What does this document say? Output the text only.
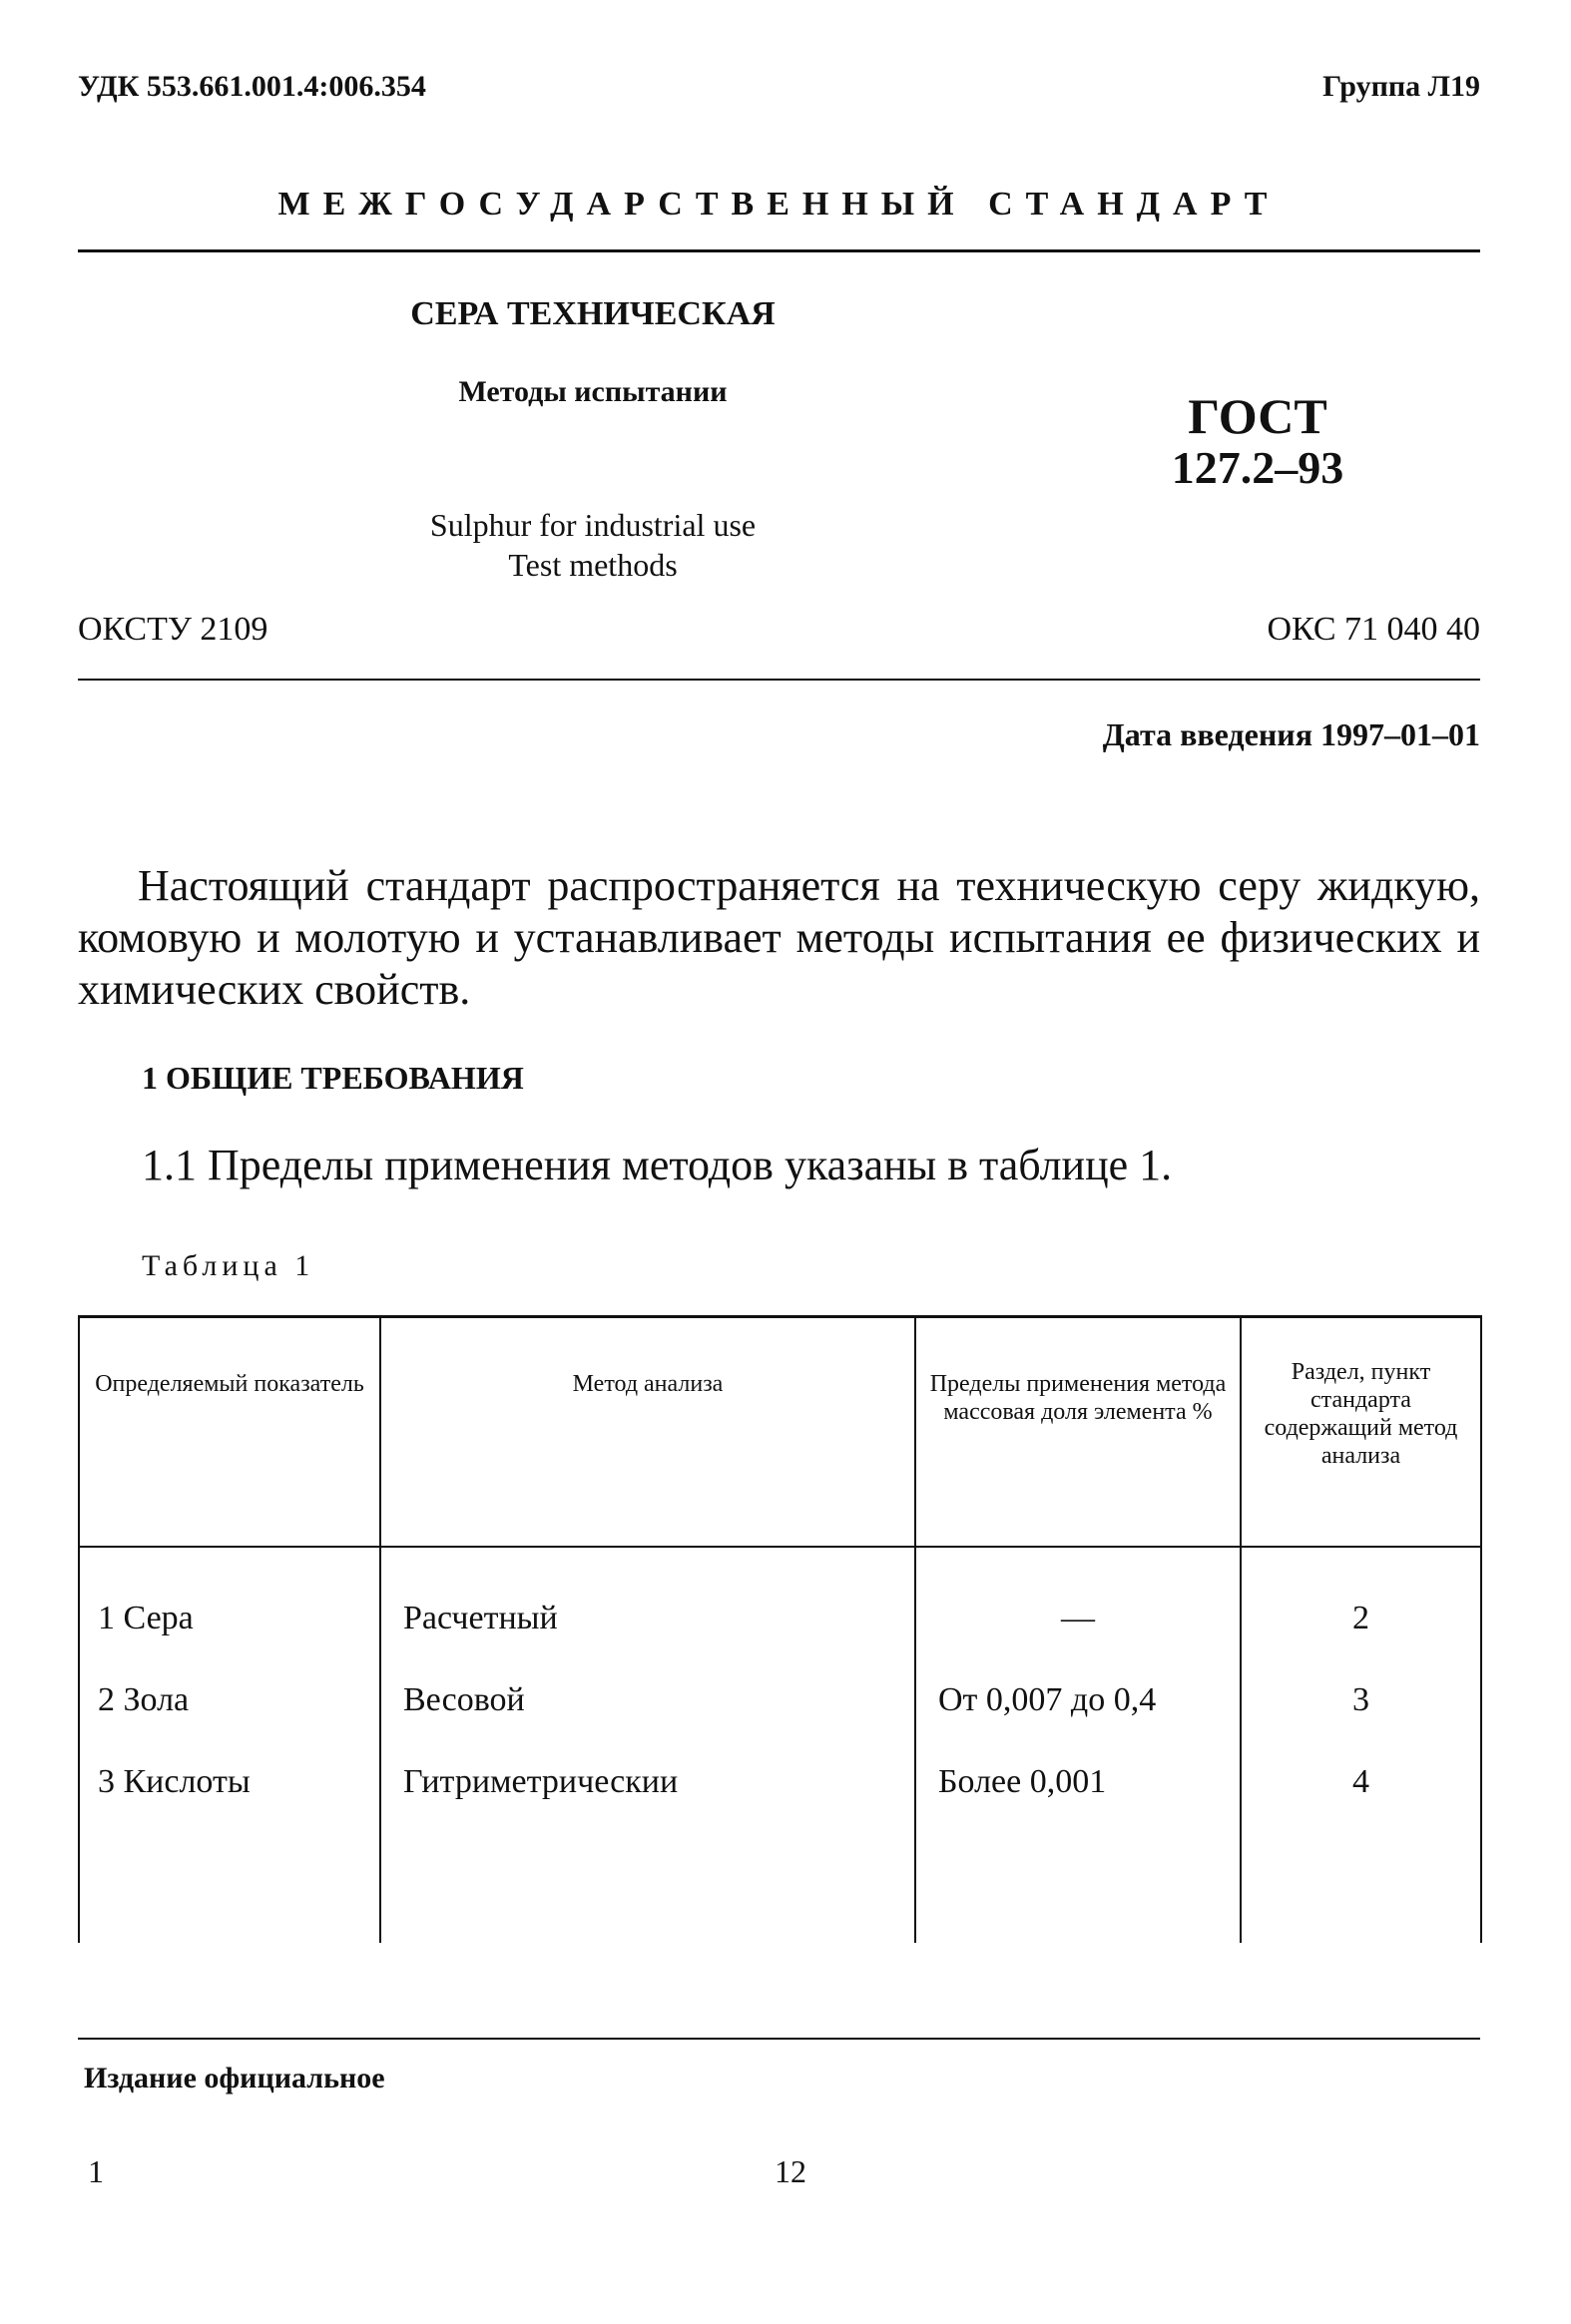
УДК 553.661.001.4:006.354	Группа Л19
МЕЖГОСУДАРСТВЕННЫЙ СТАНДАРТ
СЕРА ТЕХНИЧЕСКАЯ
Методы испытании
Sulphur for industrial use
Test methods
ГОСТ
127.2–93
ОКСТУ 2109	ОКС 71 040 40
Дата введения 1997–01–01
Настоящий стандарт распространяется на техническую серу жидкую, комовую и молотую и устанавливает методы испытания ее физических и химических свойств.
1 ОБЩИЕ ТРЕБОВАНИЯ
1.1 Пределы применения методов указаны в таблице 1.
Таблица 1
Определяемый показатель	Метод анализа	Пределы применения метода массовая доля элемента %	Раздел, пункт стандарта содержащий метод анализа
1 Сера	Расчетный	—	2
2 Зола	Весовой	От 0,007 до 0,4	3
3 Кислоты	Гитриметрическии	Более 0,001	4

Издание официальное
1	12
